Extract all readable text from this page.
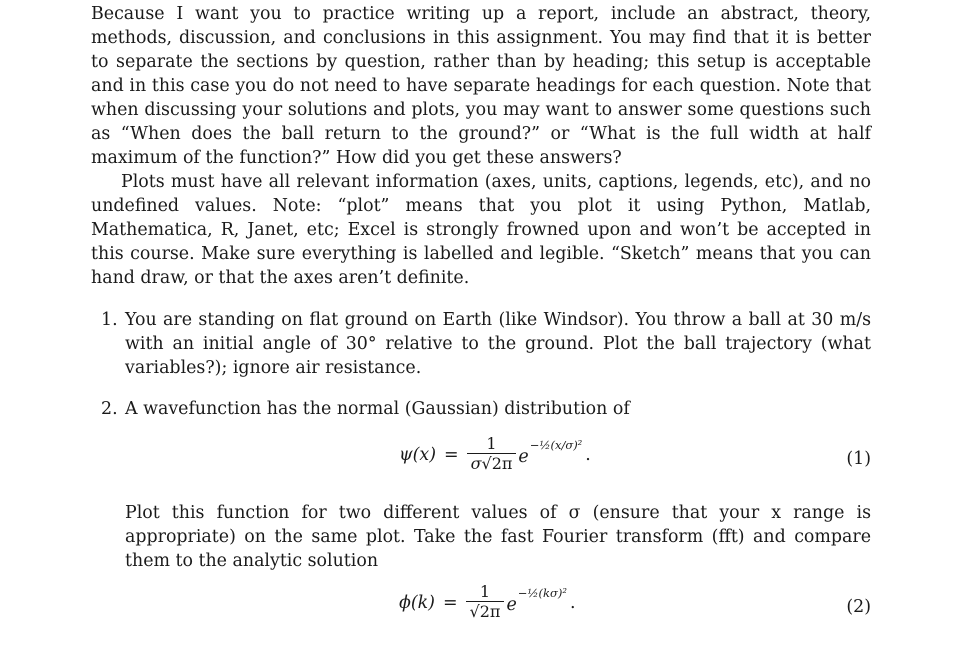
Because I want you to practice writing up a report, include an abstract, theory, methods, discussion, and conclusions in this assignment. You may find that it is better to separate the sections by question, rather than by heading; this setup is acceptable and in this case you do not need to have separate headings for each question. Note that when discussing your solutions and plots, you may want to answer some questions such as “When does the ball return to the ground?” or “What is the full width at half maximum of the function?” How did you get these answers?

Plots must have all relevant information (axes, units, captions, legends, etc), and no undefined values. Note: “plot” means that you plot it using Python, Matlab, Mathematica, R, Janet, etc; Excel is strongly frowned upon and won’t be accepted in this course. Make sure everything is labelled and legible. “Sketch” means that you can hand draw, or that the axes aren’t definite.

1. You are standing on flat ground on Earth (like Windsor). You throw a ball at 30 m/s with an initial angle of 30° relative to the ground. Plot the ball trajectory (what variables?); ignore air resistance.

2. A wavefunction has the normal (Gaussian) distribution of

$\psi(x) = \frac{1}{\sigma√2\pi}$ e
−½(x/σ)² .	(1)

Plot this function for two different values of σ (ensure that your x range is appropriate) on the same plot. Take the fast Fourier transform (fft) and compare them to the analytic solution

$\phi(k) = \frac{1}{√2\pi}$ e
−½(kσ)² .	(2)
